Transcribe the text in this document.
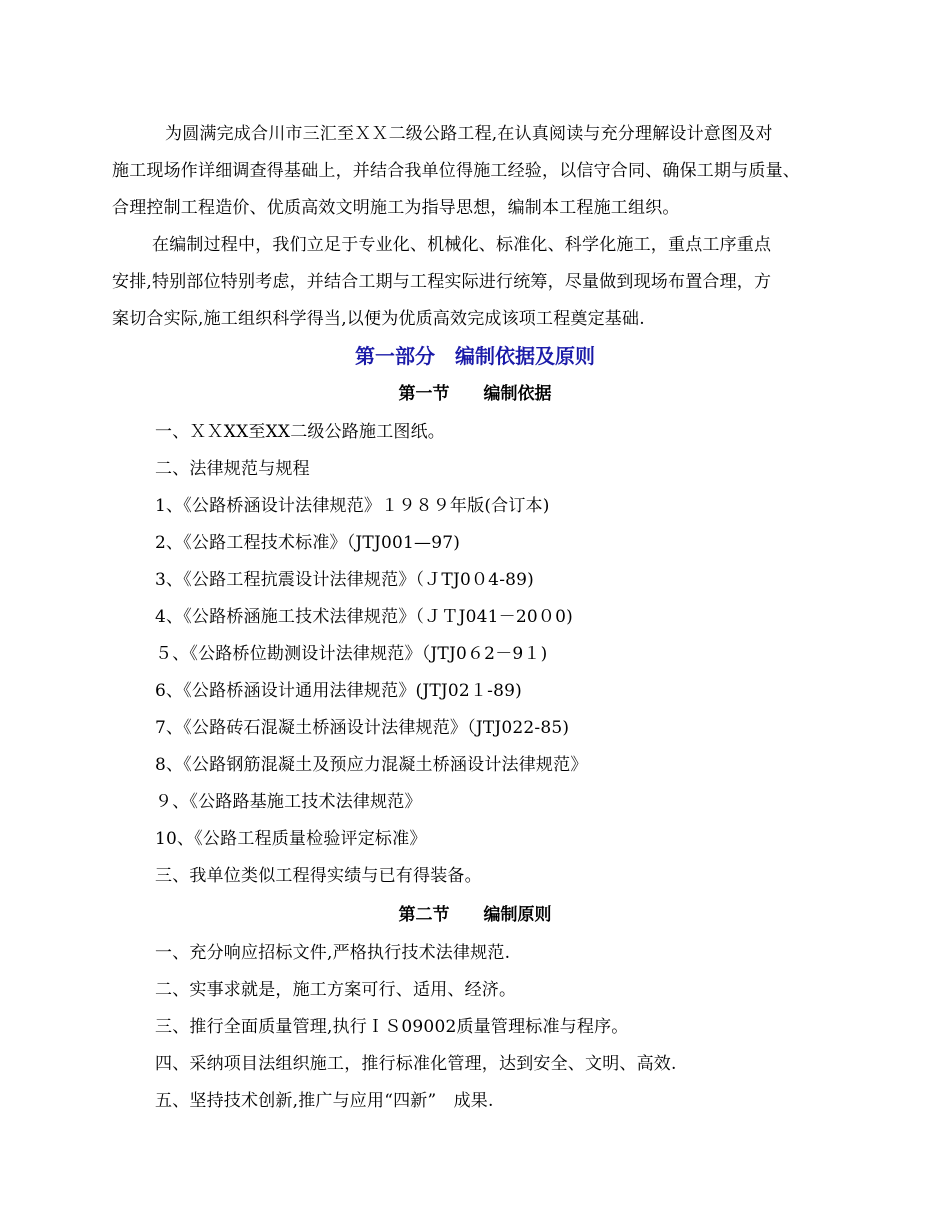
为圆满完成合川市三汇至ＸＸ二级公路工程,在认真阅读与充分理解设计意图及对
施工现场作详细调查得基础上，并结合我单位得施工经验，以信守合同、确保工期与质量、
合理控制工程造价、优质高效文明施工为指导思想，编制本工程施工组织。
在编制过程中，我们立足于专业化、机械化、标准化、科学化施工，重点工序重点
安排,特别部位特别考虑，并结合工期与工程实际进行统筹，尽量做到现场布置合理，方
案切合实际,施工组织科学得当,以便为优质高效完成该项工程奠定基础.
第一部分　编制依据及原则
第一节　　编制依据
一、ＸＸXX至XX二级公路施工图纸。
二、法律规范与规程
1、《公路桥涵设计法律规范》１９８９年版(合订本)
2、《公路工程技术标准》（JTJ001—97)
3、《公路工程抗震设计法律规范》（ＪTJ0０4-89)
4、《公路桥涵施工技术法律规范》（ＪＴJ041－20０0)
５、《公路桥位勘测设计法律规范》（JTJ0６2－9１)
6、《公路桥涵设计通用法律规范》(JTJ02１-89)
7、《公路砖石混凝土桥涵设计法律规范》（JTJ022-85)
8、《公路钢筋混凝土及预应力混凝土桥涵设计法律规范》
９、《公路路基施工技术法律规范》
10、《公路工程质量检验评定标准》
三、我单位类似工程得实绩与已有得装备。
第二节　　编制原则
一、充分响应招标文件,严格执行技术法律规范.
二、实事求就是，施工方案可行、适用、经济。
三、推行全面质量管理,执行ＩＳ09002质量管理标准与程序。
四、采纳项目法组织施工，推行标准化管理，达到安全、文明、高效.
五、坚持技术创新,推广与应用“四新”　成果.
